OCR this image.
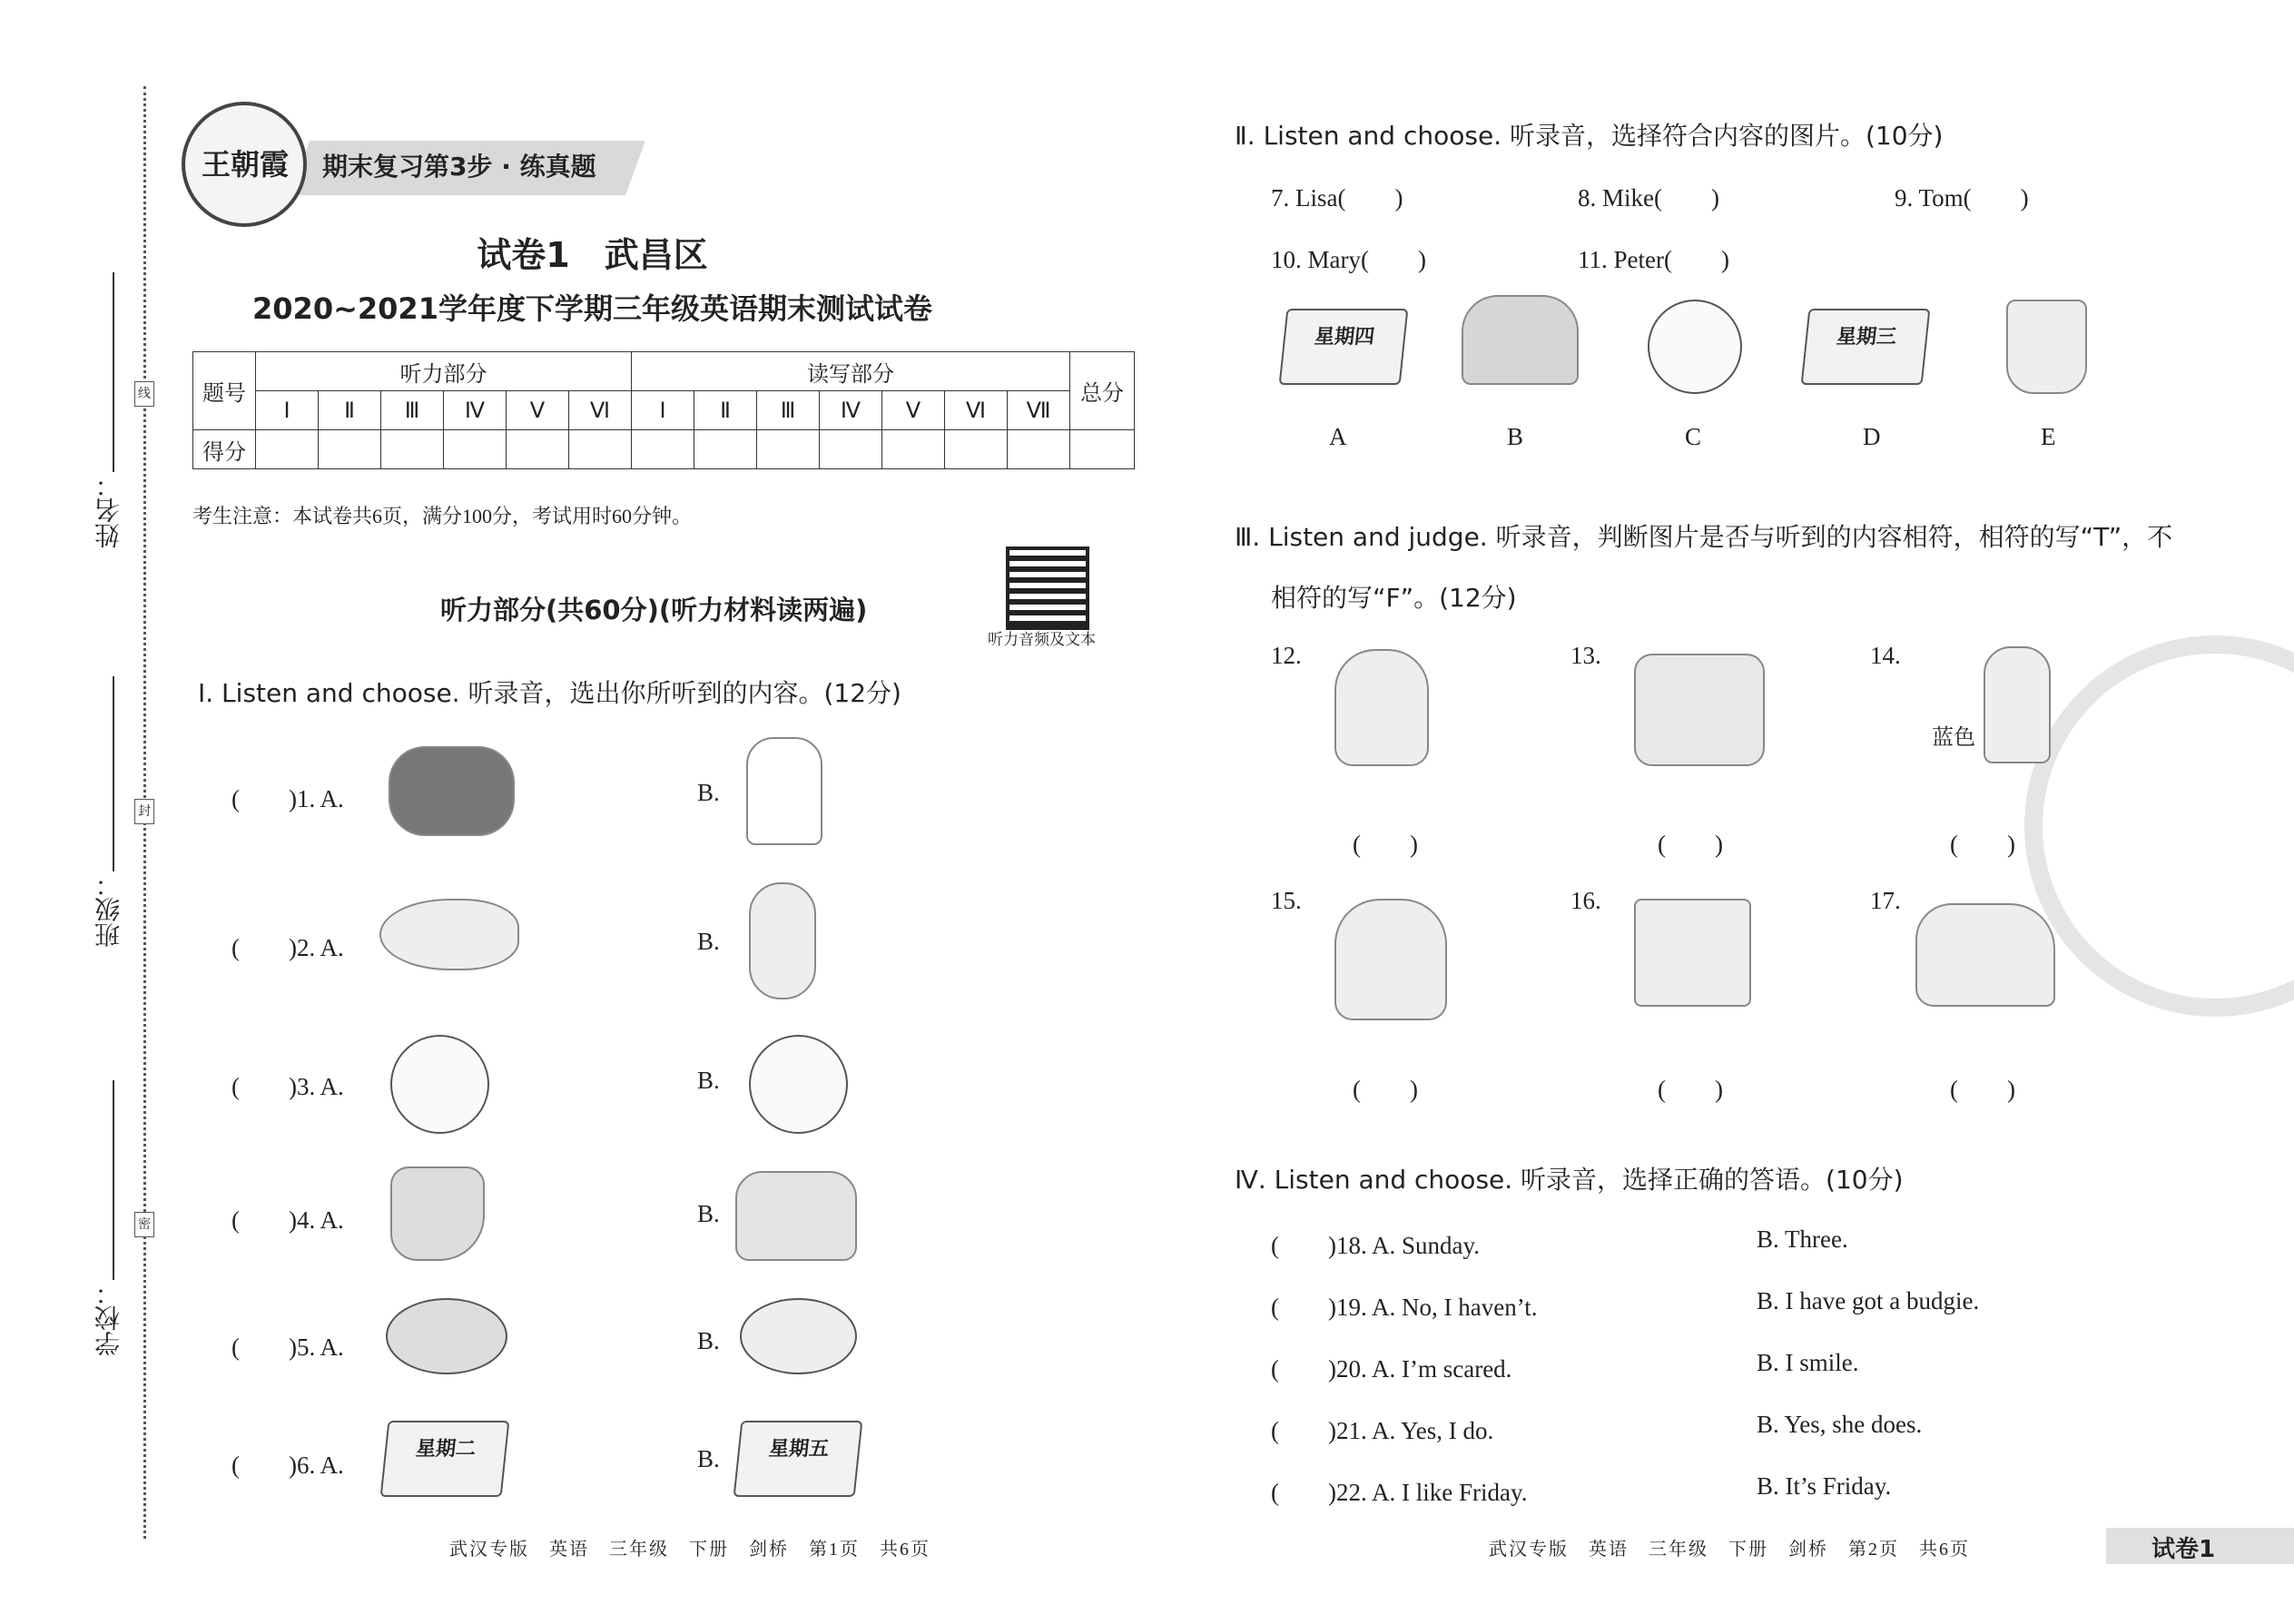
线
封
密
姓名：
班级：
学校：
王朝霞 期末复习第3步 · 练真题
试卷1　武昌区
2020~2021学年度下学期三年级英语期末测试试卷
题号	听力部分						读写部分							总分
	Ⅰ	Ⅱ	Ⅲ	Ⅳ	Ⅴ	Ⅵ	Ⅰ	Ⅱ	Ⅲ	Ⅳ	Ⅴ	Ⅵ	Ⅶ	
得分														
考生注意：本试卷共6页，满分100分，考试用时60分钟。
听力部分(共60分)(听力材料读两遍)
听力音频及文本
Ⅰ. Listen and choose. 听录音，选出你所听到的内容。(12分)
(　　)1. A.	B.
(　　)2. A.	B.
(　　)3. A.	B.
(　　)4. A.	B.
(　　)5. A.	B.
(　　)6. A.
星期二	B.	星期五
武汉专版　英语　三年级　下册　剑桥　第1页　共6页
Ⅱ. Listen and choose. 听录音，选择符合内容的图片。(10分)
7. Lisa(　　)	8. Mike(　　)	9. Tom(　　)
10. Mary(　　)	11. Peter(　　)
星期四	星期三
A	B	C	D	E
Ⅲ. Listen and judge. 听录音，判断图片是否与听到的内容相符，相符的写“T”，不
相符的写“F”。(12分)
12.	13.	14.
蓝色
(　　)	(　　)	(　　)
15.	16.	17.
(　　)	(　　)	(　　)
Ⅳ. Listen and choose. 听录音，选择正确的答语。(10分)
(　　)18. A. Sunday.	B. Three.
(　　)19. A. No, I haven’t.	B. I have got a budgie.
(　　)20. A. I’m scared.	B. I smile.
(　　)21. A. Yes, I do.	B. Yes, she does.
(　　)22. A. I like Friday.	B. It’s Friday.
武汉专版　英语　三年级　下册　剑桥　第2页　共6页	试卷1
